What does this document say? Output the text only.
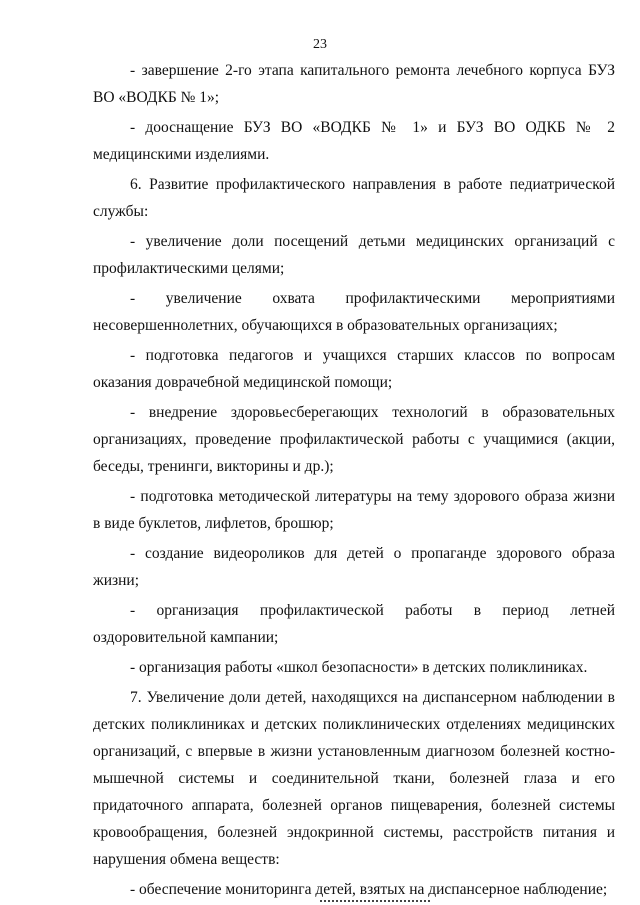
23

- завершение 2-го этапа капитального ремонта лечебного корпуса БУЗ ВО «ВОДКБ № 1»;

- дооснащение БУЗ ВО «ВОДКБ № 1» и БУЗ ВО ОДКБ № 2 медицинскими изделиями.

6. Развитие профилактического направления в работе педиатрической службы:

- увеличение доли посещений детьми медицинских организаций с профилактическими целями;

- увеличение охвата профилактическими мероприятиями несовершеннолетних, обучающихся в образовательных организациях;

- подготовка педагогов и учащихся старших классов по вопросам оказания доврачебной медицинской помощи;

- внедрение здоровьесберегающих технологий в образовательных организациях, проведение профилактической работы с учащимися (акции, беседы, тренинги, викторины и др.);

- подготовка методической литературы на тему здорового образа жизни в виде буклетов, лифлетов, брошюр;

- создание видеороликов для детей о пропаганде здорового образа жизни;

- организация профилактической работы в период летней оздоровительной кампании;

- организация работы «школ безопасности» в детских поликлиниках.

7. Увеличение доли детей, находящихся на диспансерном наблюдении в детских поликлиниках и детских поликлинических отделениях медицинских организаций, с впервые в жизни установленным диагнозом болезней костно-мышечной системы и соединительной ткани, болезней глаза и его придаточного аппарата, болезней органов пищеварения, болезней системы кровообращения, болезней эндокринной системы, расстройств питания и нарушения обмена веществ:

- обеспечение мониторинга детей, взятых на диспансерное наблюдение;
